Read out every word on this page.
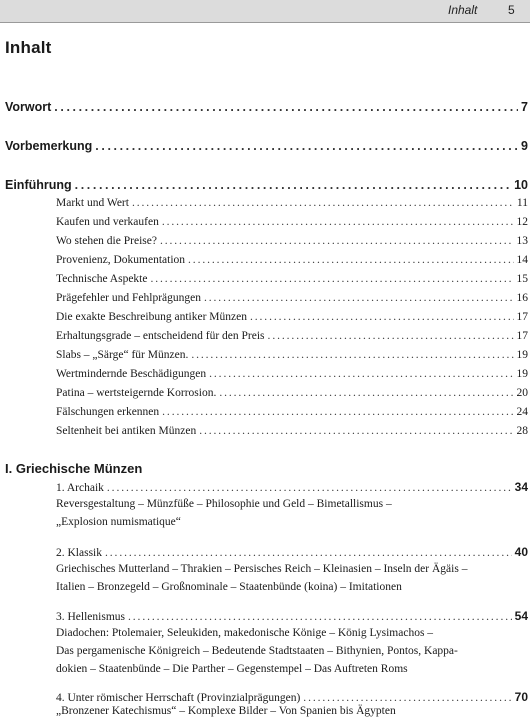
Inhalt	5
Inhalt
Vorwort .....	7
Vorbemerkung .....	9
Einführung .....	10
Markt und Wert .....	11
Kaufen und verkaufen .....	12
Wo stehen die Preise? .....	13
Provenienz, Dokumentation .....	14
Technische Aspekte .....	15
Prägefehler und Fehlprägungen .....	16
Die exakte Beschreibung antiker Münzen .....	17
Erhaltungsgrade – entscheidend für den Preis .....	17
Slabs – „Särge“ für Münzen. .....	19
Wertmindernde Beschädigungen .....	19
Patina – wertsteigernde Korrosion. .....	20
Fälschungen erkennen .....	24
Seltenheit bei antiken Münzen .....	28
I. Griechische Münzen
1. Archaik .....	34
Reversgestaltung – Münzfüße – Philosophie und Geld – Bimetallismus –
„Explosion numismatique“
2. Klassik .....	40
Griechisches Mutterland – Thrakien – Persisches Reich – Kleinasien – Inseln der Ägäis –
Italien – Bronzegeld – Großnominale – Staatenbünde (koina) – Imitationen
3. Hellenismus .....	54
Diadochen: Ptolemaier, Seleukiden, makedonische Könige – König Lysimachos –
Das pergamenische Königreich – Bedeutende Stadtstaaten – Bithynien, Pontos, Kappa-
dokien – Staatenbünde – Die Parther – Gegenstempel – Das Auftreten Roms
4. Unter römischer Herrschaft (Provinzialprägungen) .....	70
„Bronzener Katechismus“ – Komplexe Bilder – Von Spanien bis Ägypten
